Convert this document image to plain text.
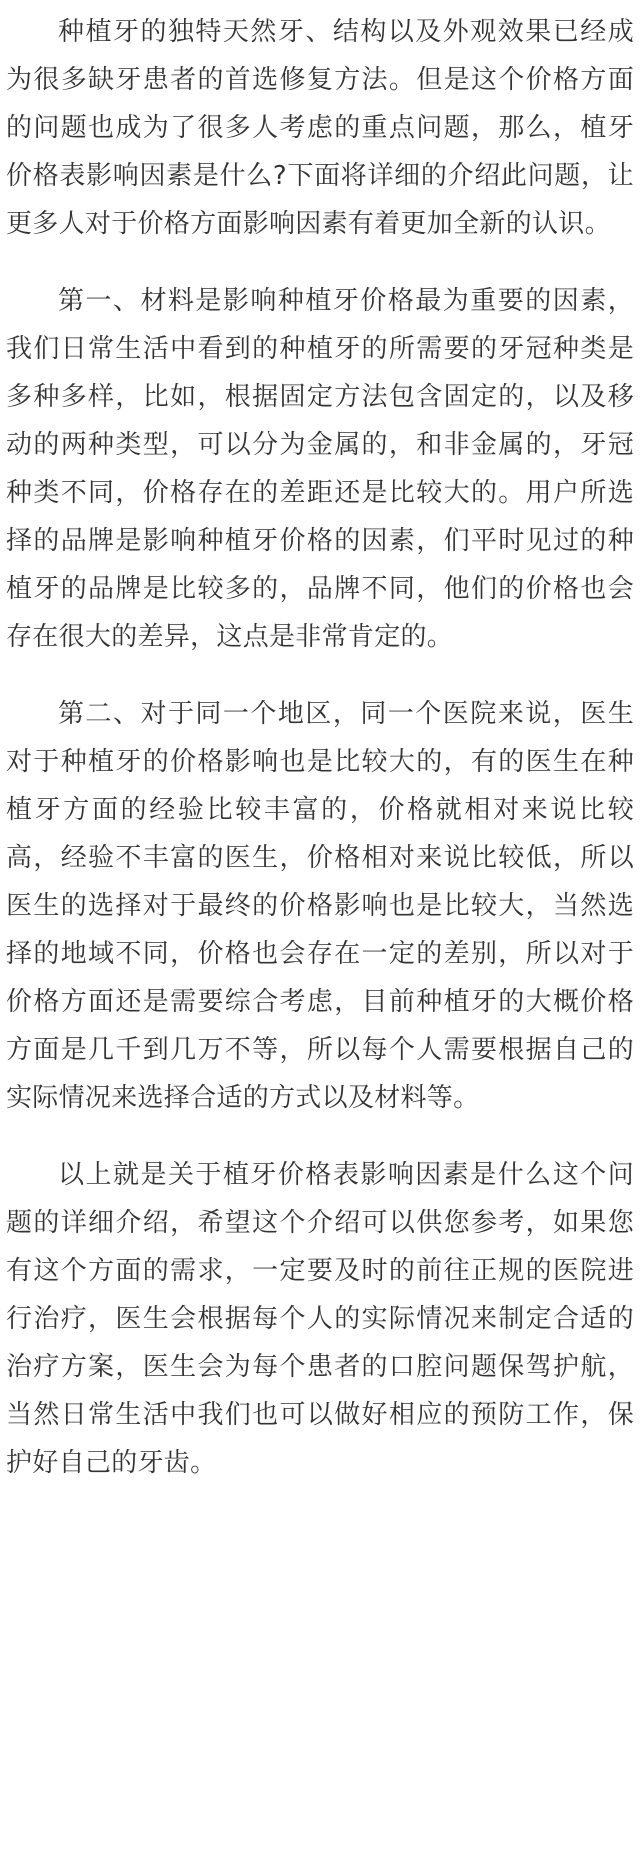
种植牙的独特天然牙、结构以及外观效果已经成为很多缺牙患者的首选修复方法。但是这个价格方面的问题也成为了很多人考虑的重点问题，那么，植牙价格表影响因素是什么?下面将详细的介绍此问题，让更多人对于价格方面影响因素有着更加全新的认识。

第一、材料是影响种植牙价格最为重要的因素，我们日常生活中看到的种植牙的所需要的牙冠种类是多种多样，比如，根据固定方法包含固定的，以及移动的两种类型，可以分为金属的，和非金属的，牙冠种类不同，价格存在的差距还是比较大的。用户所选择的品牌是影响种植牙价格的因素，们平时见过的种植牙的品牌是比较多的，品牌不同，他们的价格也会存在很大的差异，这点是非常肯定的。

第二、对于同一个地区，同一个医院来说，医生对于种植牙的价格影响也是比较大的，有的医生在种植牙方面的经验比较丰富的，价格就相对来说比较高，经验不丰富的医生，价格相对来说比较低，所以医生的选择对于最终的价格影响也是比较大，当然选择的地域不同，价格也会存在一定的差别，所以对于价格方面还是需要综合考虑，目前种植牙的大概价格方面是几千到几万不等，所以每个人需要根据自己的实际情况来选择合适的方式以及材料等。

以上就是关于植牙价格表影响因素是什么这个问题的详细介绍，希望这个介绍可以供您参考，如果您有这个方面的需求，一定要及时的前往正规的医院进行治疗，医生会根据每个人的实际情况来制定合适的治疗方案，医生会为每个患者的口腔问题保驾护航，当然日常生活中我们也可以做好相应的预防工作，保护好自己的牙齿。
